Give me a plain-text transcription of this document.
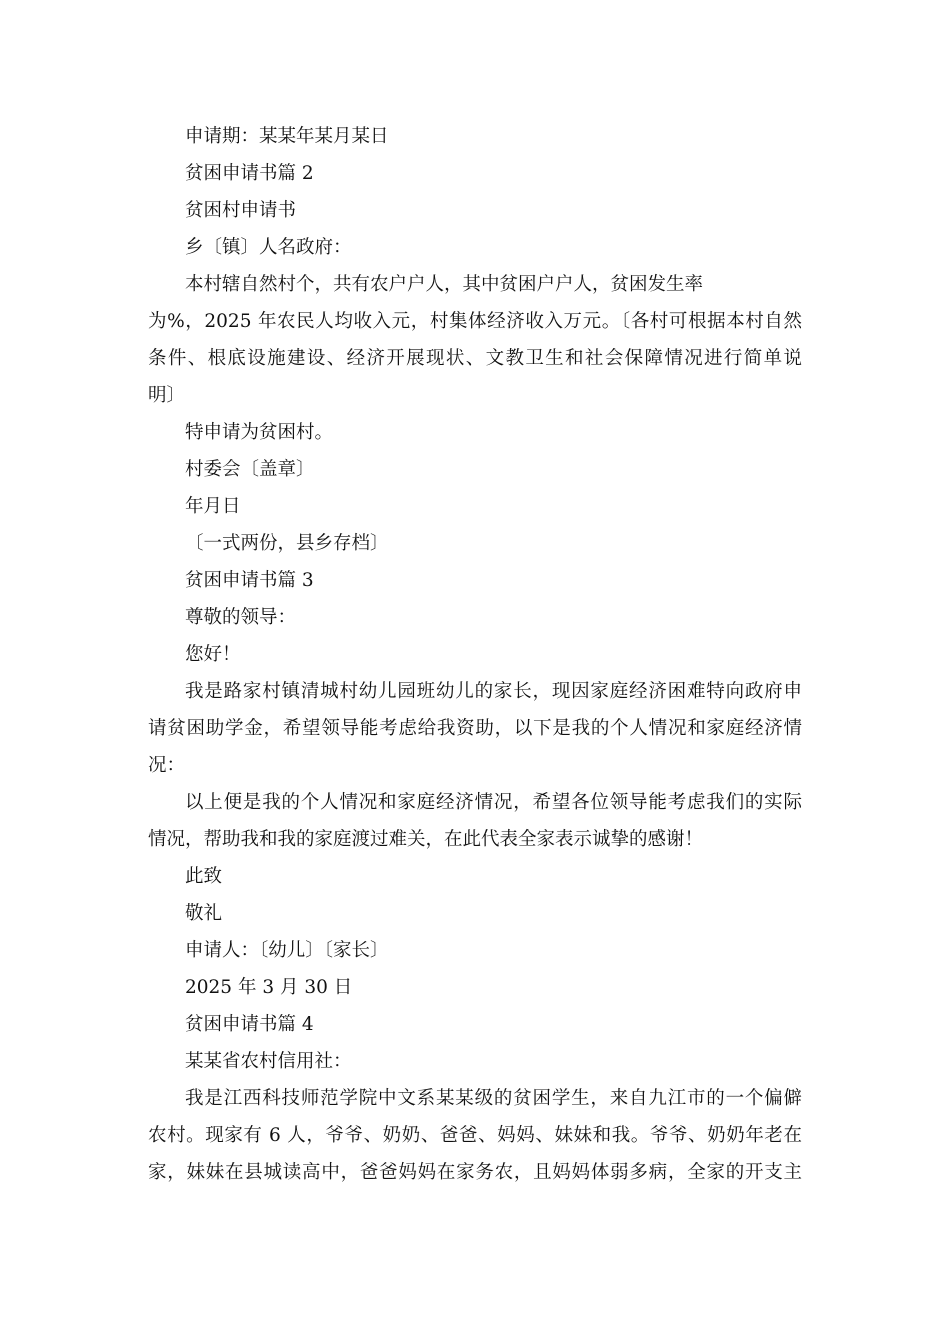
申请期：某某年某月某日
贫困申请书篇 2
贫困村申请书
乡〔镇〕人名政府：
本村辖自然村个，共有农户户人，其中贫困户户人，贫困发生率
为%，2025 年农民人均收入元，村集体经济收入万元。〔各村可根据本村自然
条件、根底设施建设、经济开展现状、文教卫生和社会保障情况进行简单说
明〕
特申请为贫困村。
村委会〔盖章〕
年月日
〔一式两份，县乡存档〕
贫困申请书篇 3
尊敬的领导：
您好！
我是路家村镇清城村幼儿园班幼儿的家长，现因家庭经济困难特向政府申
请贫困助学金，希望领导能考虑给我资助，以下是我的个人情况和家庭经济情
况：
以上便是我的个人情况和家庭经济情况，希望各位领导能考虑我们的实际
情况，帮助我和我的家庭渡过难关，在此代表全家表示诚挚的感谢！
此致
敬礼
申请人：〔幼儿〕〔家长〕
2025 年 3 月 30 日
贫困申请书篇 4
某某省农村信用社：
我是江西科技师范学院中文系某某级的贫困学生，来自九江市的一个偏僻
农村。现家有 6 人，爷爷、奶奶、爸爸、妈妈、妹妹和我。爷爷、奶奶年老在
家，妹妹在县城读高中，爸爸妈妈在家务农，且妈妈体弱多病，全家的开支主
